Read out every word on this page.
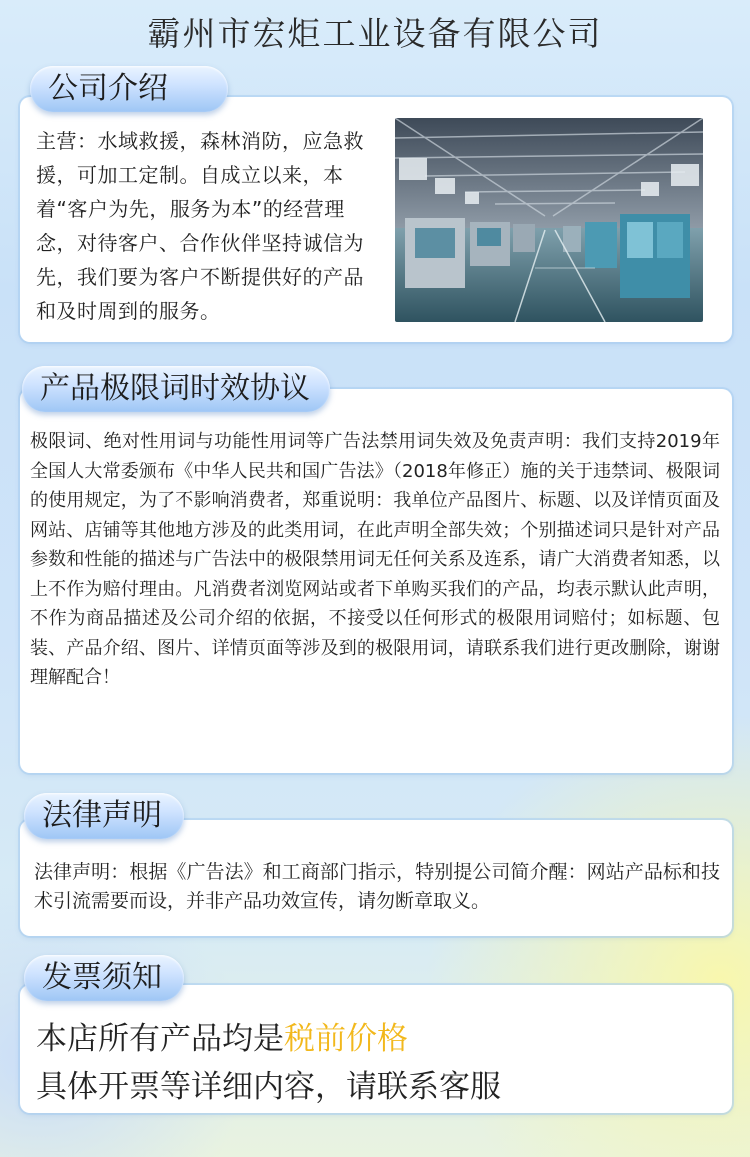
霸州市宏炬工业设备有限公司
公司介绍
主营：水域救援，森林消防，应急救援，可加工定制。自成立以来，本着“客户为先，服务为本”的经营理念，对待客户、合作伙伴坚持诚信为先，我们要为客户不断提供好的产品和及时周到的服务。
产品极限词时效协议
极限词、绝对性用词与功能性用词等广告法禁用词失效及免责声明：我们支持2019年全国人大常委颁布《中华人民共和国广告法》（2018年修正）施的关于违禁词、极限词的使用规定，为了不影响消费者，郑重说明：我单位产品图片、标题、以及详情页面及网站、店铺等其他地方涉及的此类用词，在此声明全部失效；个别描述词只是针对产品参数和性能的描述与广告法中的极限禁用词无任何关系及连系，请广大消费者知悉，以上不作为赔付理由。凡消费者浏览网站或者下单购买我们的产品，均表示默认此声明，不作为商品描述及公司介绍的依据，不接受以任何形式的极限用词赔付；如标题、包装、产品介绍、图片、详情页面等涉及到的极限用词，请联系我们进行更改删除，谢谢理解配合！
法律声明
法律声明：根据《广告法》和工商部门指示，特别提公司简介醒：网站产品标和技术引流需要而设，并非产品功效宣传，请勿断章取义。
发票须知
本店所有产品均是税前价格
具体开票等详细内容，请联系客服
